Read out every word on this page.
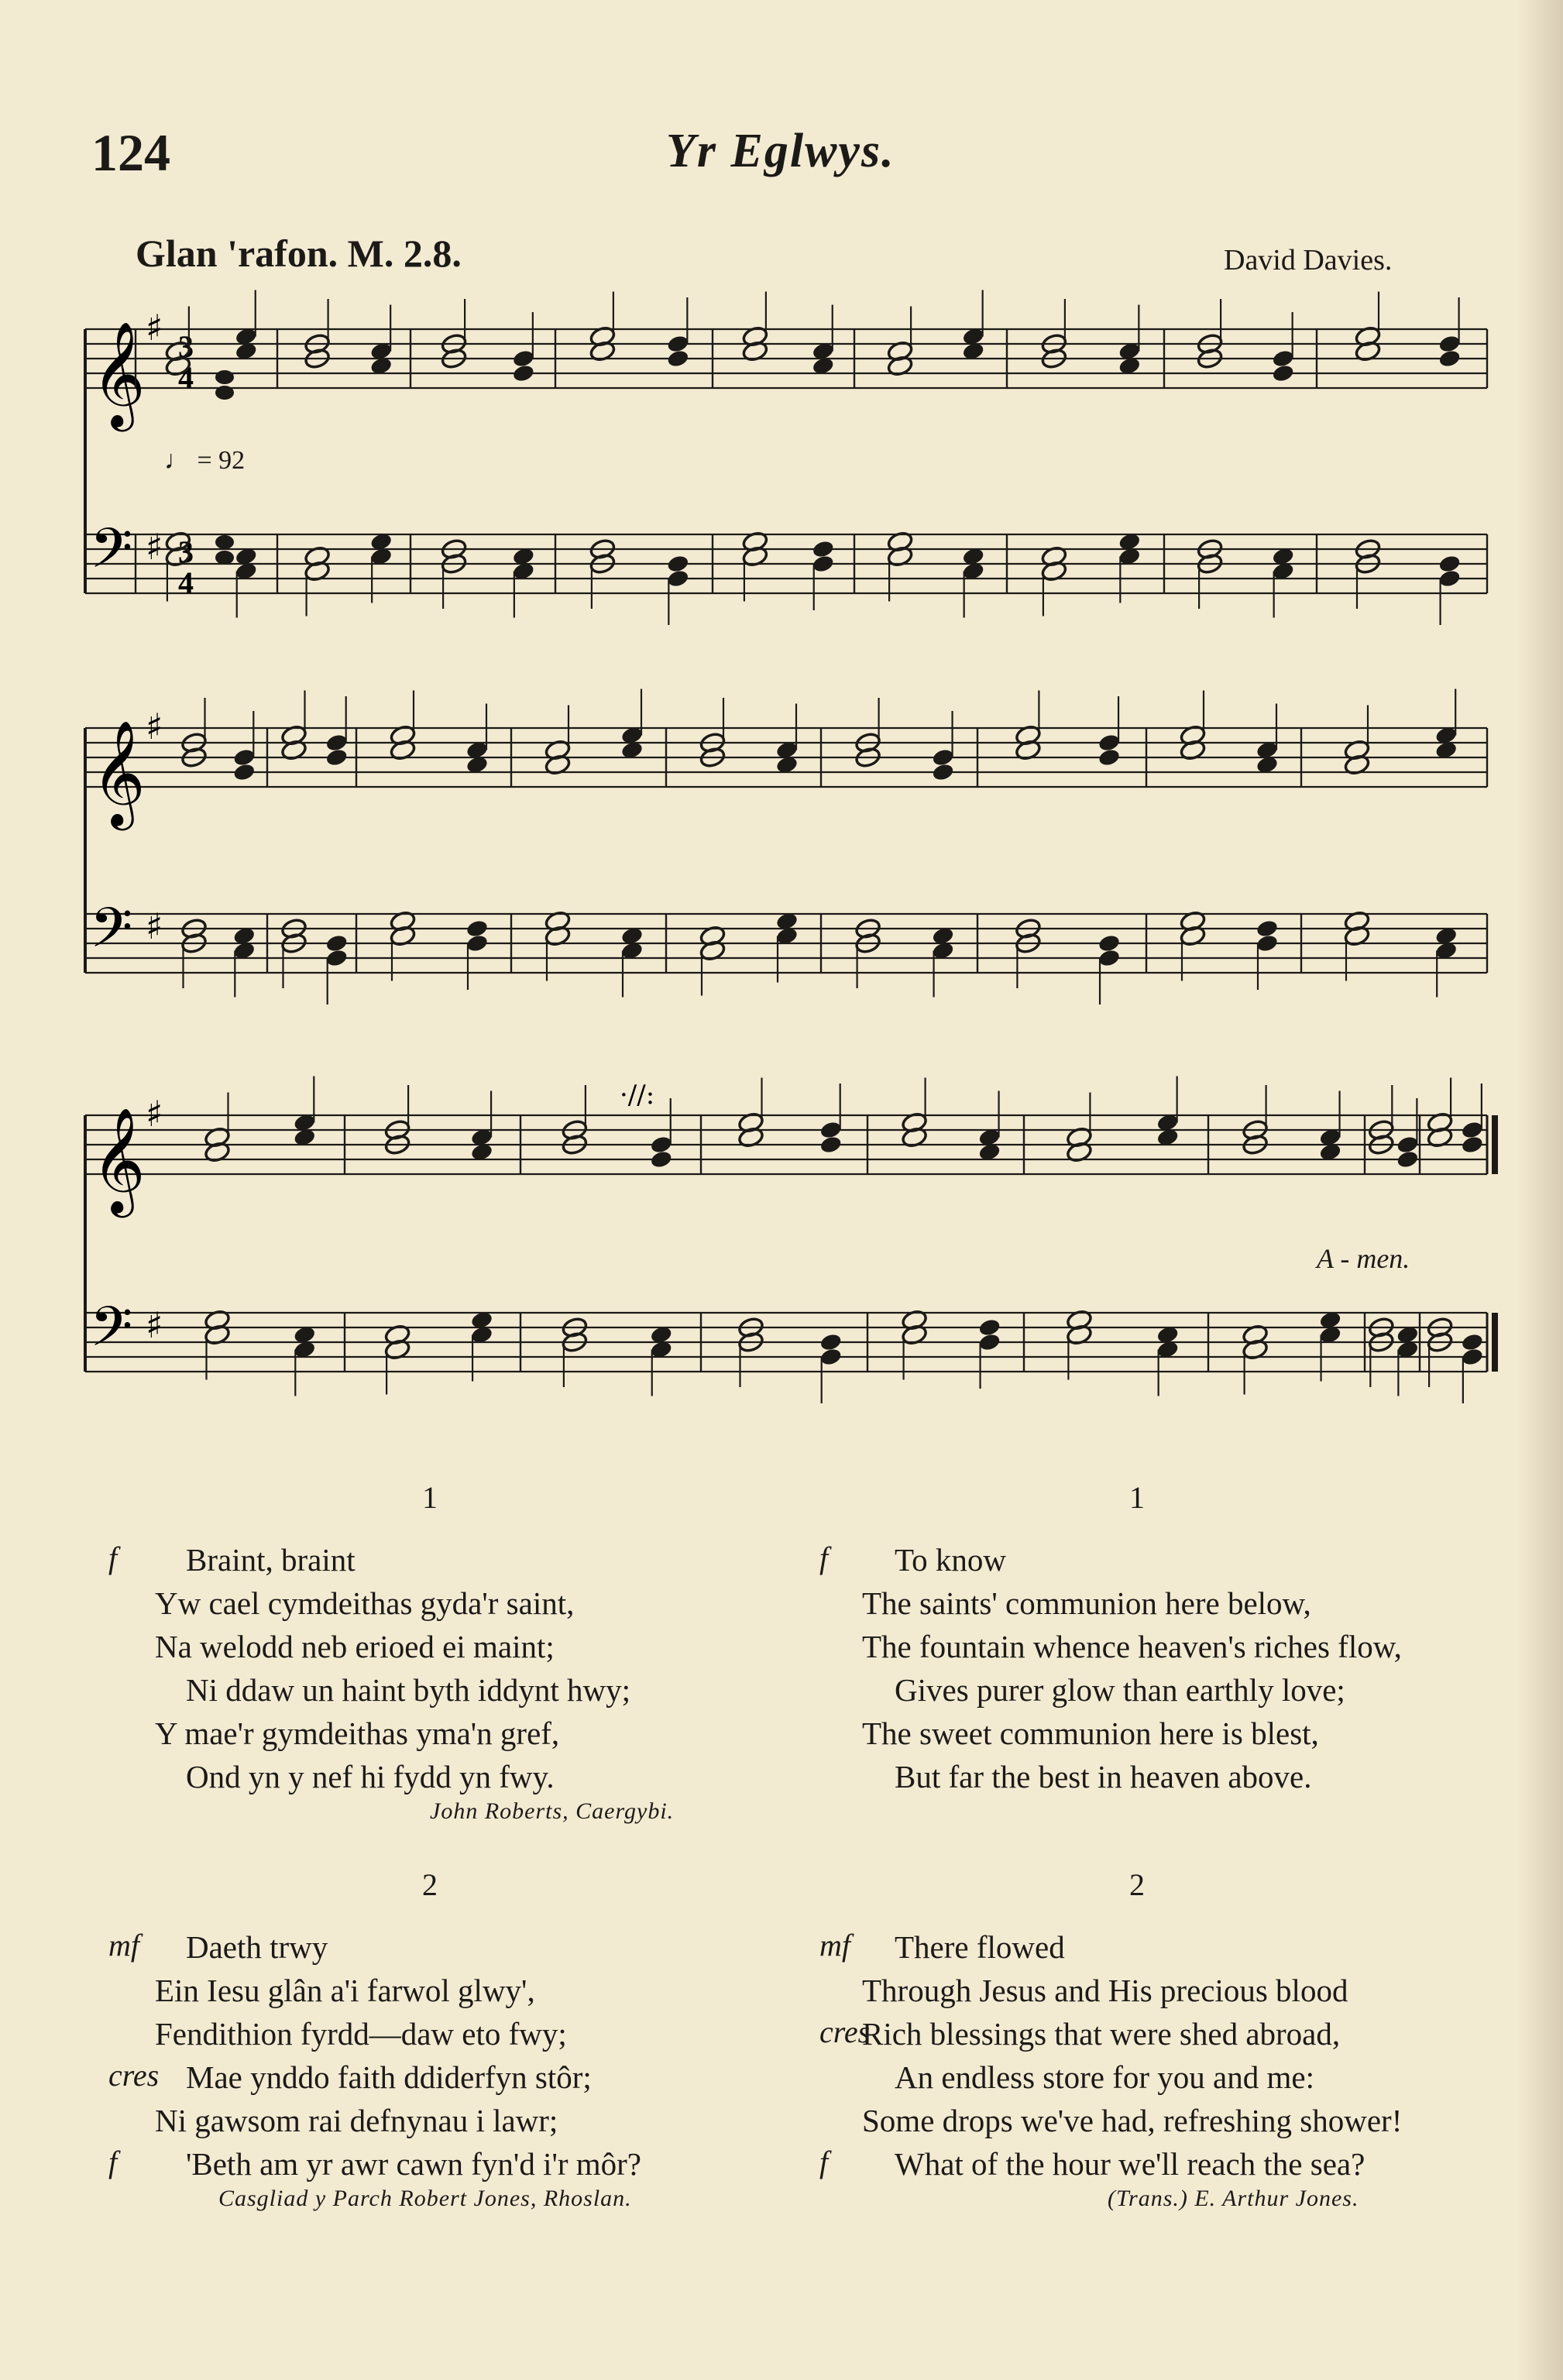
124	Yr Eglwys.
Glan 'rafon. M. 2.8.	David Davies.
𝄞 ♯
𝄢 ♯
3
4
3
4
𝄞 ♯
𝄢 ♯
𝄞 ♯
𝄢 ♯
·//:
♩ = 92
A - men.
1
f Braint, braint
Yw cael cymdeithas gyda'r saint,
Na welodd neb erioed ei maint;
Ni ddaw un haint byth iddynt hwy;
Y mae'r gymdeithas yma'n gref,
Ond yn y nef hi fydd yn fwy.
John Roberts, Caergybi.
2
mf Daeth trwy
Ein Iesu glân a'i farwol glwy',
Fendithion fyrdd—daw eto fwy;
cres Mae ynddo faith ddiderfyn stôr;
Ni gawsom rai defnynau i lawr;
f 'Beth am yr awr cawn fyn'd i'r môr?
Casgliad y Parch Robert Jones, Rhoslan.
1
f To know
The saints' communion here below,
The fountain whence heaven's riches flow,
Gives purer glow than earthly love;
The sweet communion here is blest,
But far the best in heaven above.
2
mf There flowed
Through Jesus and His precious blood
cres
Rich blessings that were shed abroad,
An endless store for you and me:
Some drops we've had, refreshing shower!
f What of the hour we'll reach the sea?
(Trans.) E. Arthur Jones.
